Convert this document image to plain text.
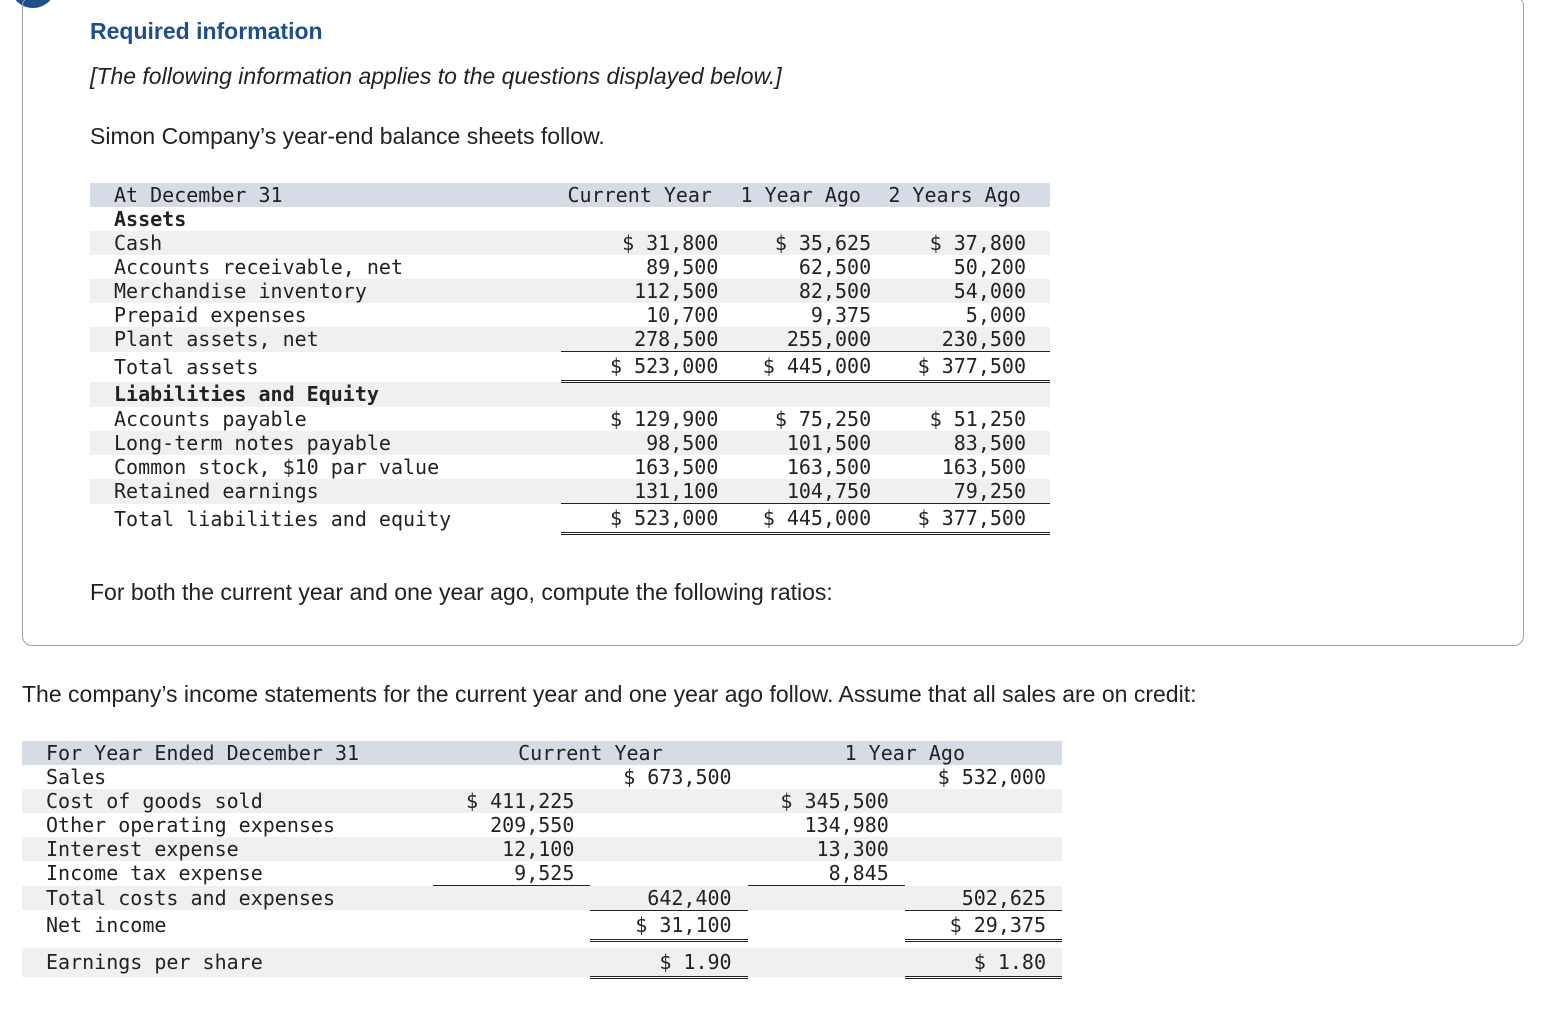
Required information

[The following information applies to the questions displayed below.]

Simon Company’s year-end balance sheets follow.

At December 31	Current Year	1 Year Ago	2 Years Ago
Assets			
Cash	$ 31,800	$ 35,625	$ 37,800
Accounts receivable, net	89,500	62,500	50,200
Merchandise inventory	112,500	82,500	54,000
Prepaid expenses	10,700	9,375	5,000
Plant assets, net	278,500	255,000	230,500
Total assets	$ 523,000	$ 445,000	$ 377,500
Liabilities and Equity			
Accounts payable	$ 129,900	$ 75,250	$ 51,250
Long-term notes payable	98,500	101,500	83,500
Common stock, $10 par value	163,500	163,500	163,500
Retained earnings	131,100	104,750	79,250
Total liabilities and equity	$ 523,000	$ 445,000	$ 377,500

For both the current year and one year ago, compute the following ratios:

The company’s income statements for the current year and one year ago follow. Assume that all sales are on credit:

For Year Ended December 31	Current Year		1 Year Ago	
Sales		$ 673,500		$ 532,000
Cost of goods sold	$ 411,225		$ 345,500	
Other operating expenses	209,550		134,980	
Interest expense	12,100		13,300	
Income tax expense	9,525		8,845	
Total costs and expenses		642,400		502,625
Net income		$ 31,100		$ 29,375

Earnings per share		$ 1.90		$ 1.80
